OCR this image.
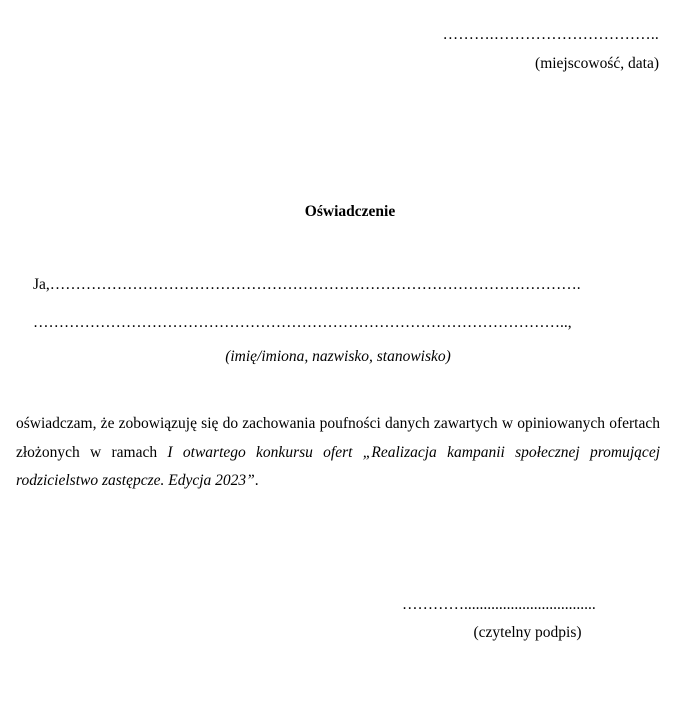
……….…………………………..
(miejscowość, data)
Oświadczenie
Ja,………………………………………………………………………………………….
…………………………………………………………………………………………..,
(imię/imiona, nazwisko, stanowisko)

oświadczam, że zobowiązuję się do zachowania poufności danych zawartych w opiniowanych ofertach złożonych w ramach I otwartego konkursu ofert „Realizacja kampanii społecznej promującej rodzicielstwo zastępcze. Edycja 2023”.

…………..................................
(czytelny podpis)
